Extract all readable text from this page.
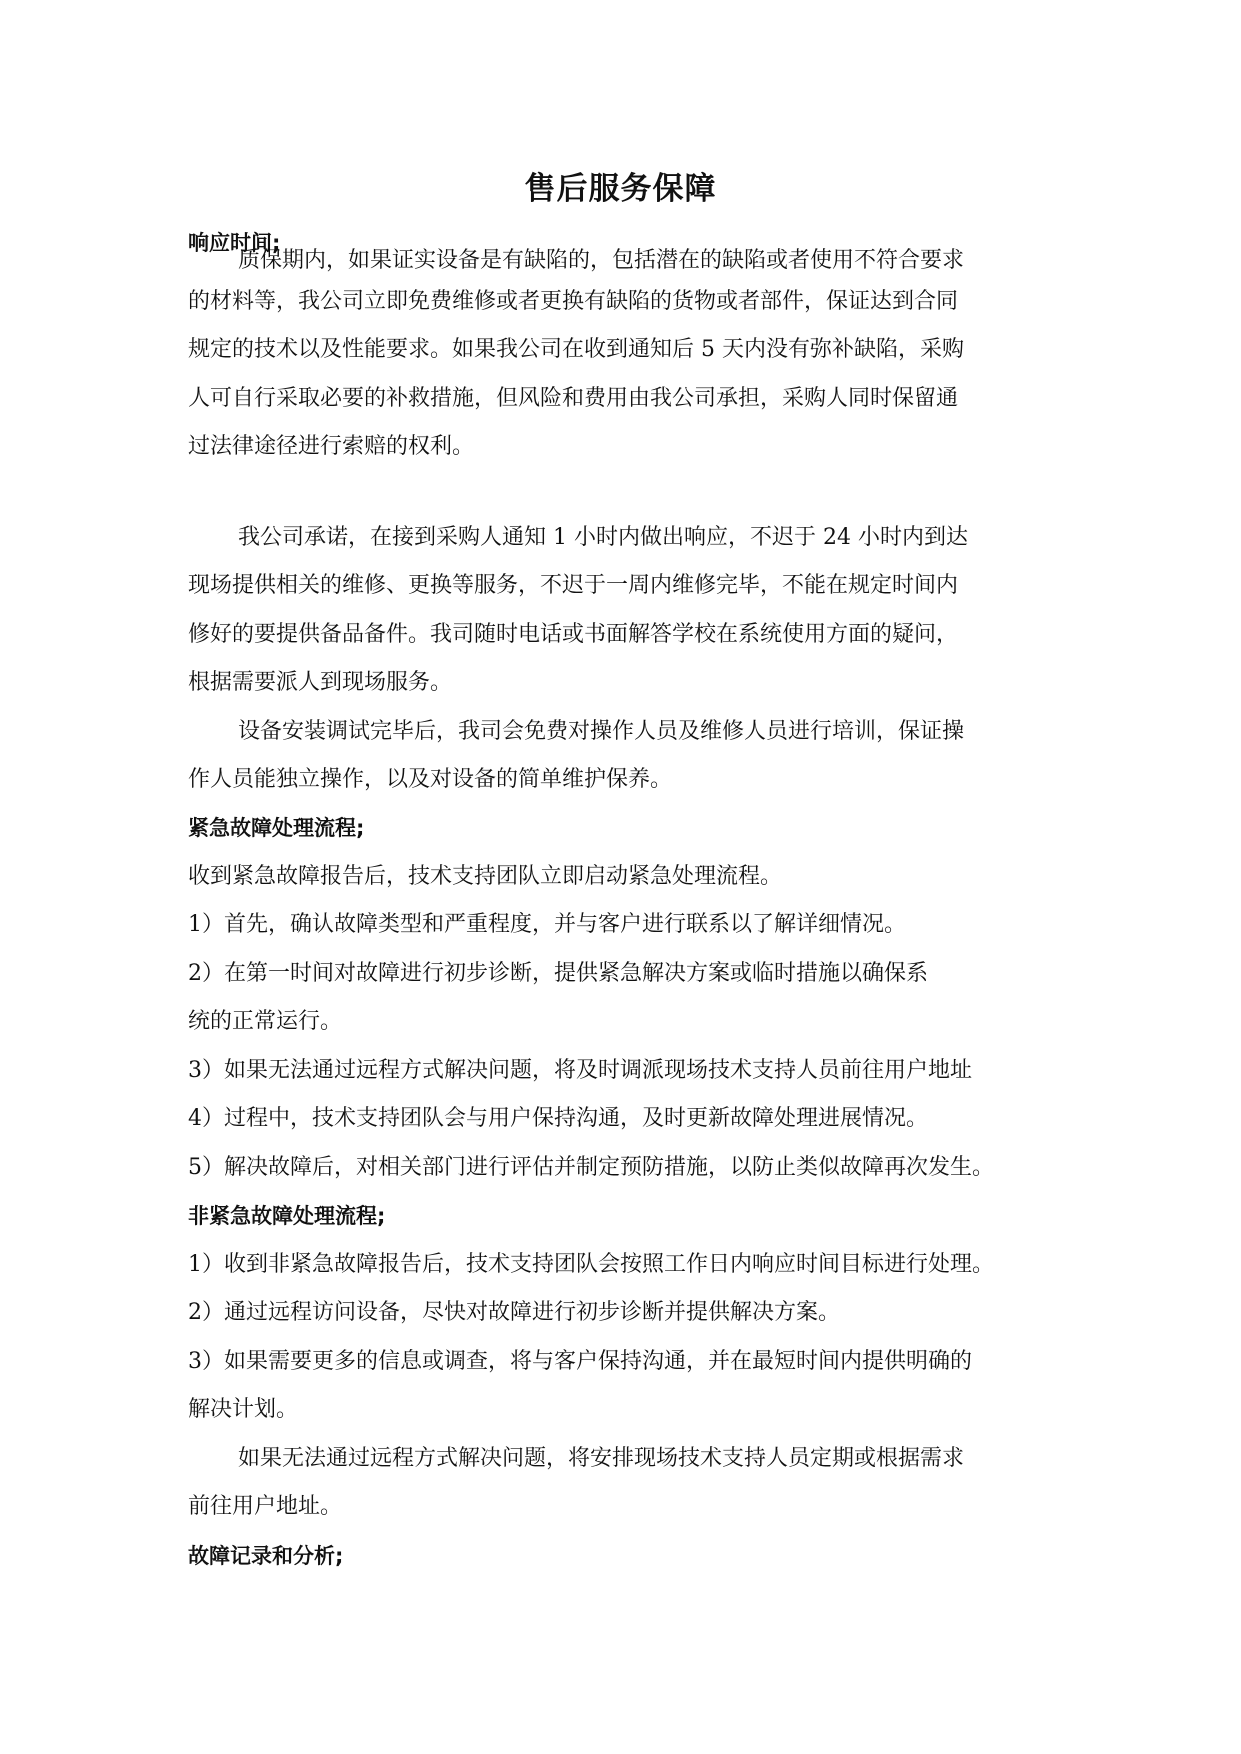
售后服务保障
响应时间;
质保期内，如果证实设备是有缺陷的，包括潜在的缺陷或者使用不符合要求
的材料等，我公司立即免费维修或者更换有缺陷的货物或者部件，保证达到合同
规定的技术以及性能要求。如果我公司在收到通知后 5 天内没有弥补缺陷，采购
人可自行采取必要的补救措施，但风险和费用由我公司承担，采购人同时保留通
过法律途径进行索赔的权利。
我公司承诺，在接到采购人通知 1 小时内做出响应，不迟于 24 小时内到达
现场提供相关的维修、更换等服务，不迟于一周内维修完毕，不能在规定时间内
修好的要提供备品备件。我司随时电话或书面解答学校在系统使用方面的疑问，
根据需要派人到现场服务。
设备安装调试完毕后，我司会免费对操作人员及维修人员进行培训，保证操
作人员能独立操作，以及对设备的简单维护保养。
紧急故障处理流程;
收到紧急故障报告后，技术支持团队立即启动紧急处理流程。
1）首先，确认故障类型和严重程度，并与客户进行联系以了解详细情况。
2）在第一时间对故障进行初步诊断，提供紧急解决方案或临时措施以确保系
统的正常运行。
3）如果无法通过远程方式解决问题，将及时调派现场技术支持人员前往用户地址
4）过程中，技术支持团队会与用户保持沟通，及时更新故障处理进展情况。
5）解决故障后，对相关部门进行评估并制定预防措施，以防止类似故障再次发生。
非紧急故障处理流程;
1）收到非紧急故障报告后，技术支持团队会按照工作日内响应时间目标进行处理。
2）通过远程访问设备，尽快对故障进行初步诊断并提供解决方案。
3）如果需要更多的信息或调查，将与客户保持沟通，并在最短时间内提供明确的
解决计划。
如果无法通过远程方式解决问题，将安排现场技术支持人员定期或根据需求
前往用户地址。
故障记录和分析;
